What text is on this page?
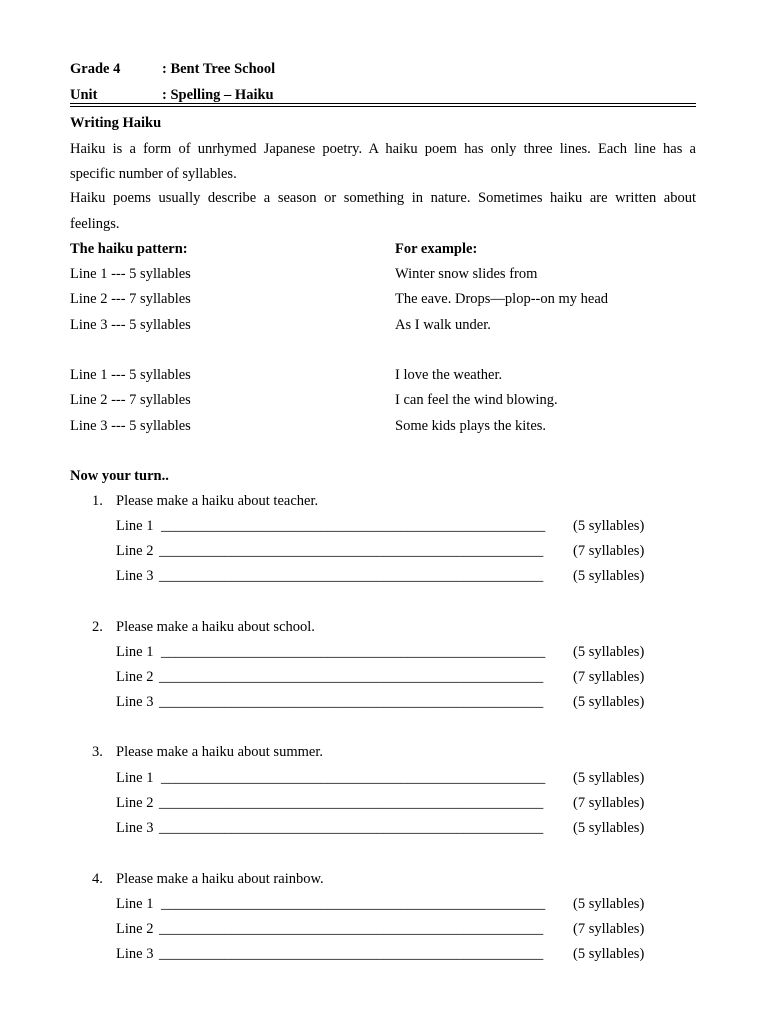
Grade 4	: Bent Tree School
Unit	: Spelling – Haiku
Writing Haiku
Haiku is a form of unrhymed Japanese poetry. A haiku poem has only three lines. Each line has a
specific number of syllables.
Haiku poems usually describe a season or something in nature. Sometimes haiku are written about
feelings.
The haiku pattern:	For example:
Line 1 --- 5 syllables	Winter snow slides from
Line 2 --- 7 syllables	The eave. Drops—plop--on my head
Line 3 --- 5 syllables	As I walk under.
Line 1 --- 5 syllables	I love the weather.
Line 2 --- 7 syllables	I can feel the wind blowing.
Line 3 --- 5 syllables	Some kids plays the kites.
Now your turn..
1. Please make a haiku about teacher.
Line 1 _____________________________________________________ (5 syllables)
Line 2 _____________________________________________________ (7 syllables)
Line 3 _____________________________________________________ (5 syllables)
2. Please make a haiku about school.
Line 1 _____________________________________________________ (5 syllables)
Line 2 _____________________________________________________ (7 syllables)
Line 3 _____________________________________________________ (5 syllables)
3. Please make a haiku about summer.
Line 1 _____________________________________________________ (5 syllables)
Line 2 _____________________________________________________ (7 syllables)
Line 3 _____________________________________________________ (5 syllables)
4. Please make a haiku about rainbow.
Line 1 _____________________________________________________ (5 syllables)
Line 2 _____________________________________________________ (7 syllables)
Line 3 _____________________________________________________ (5 syllables)
